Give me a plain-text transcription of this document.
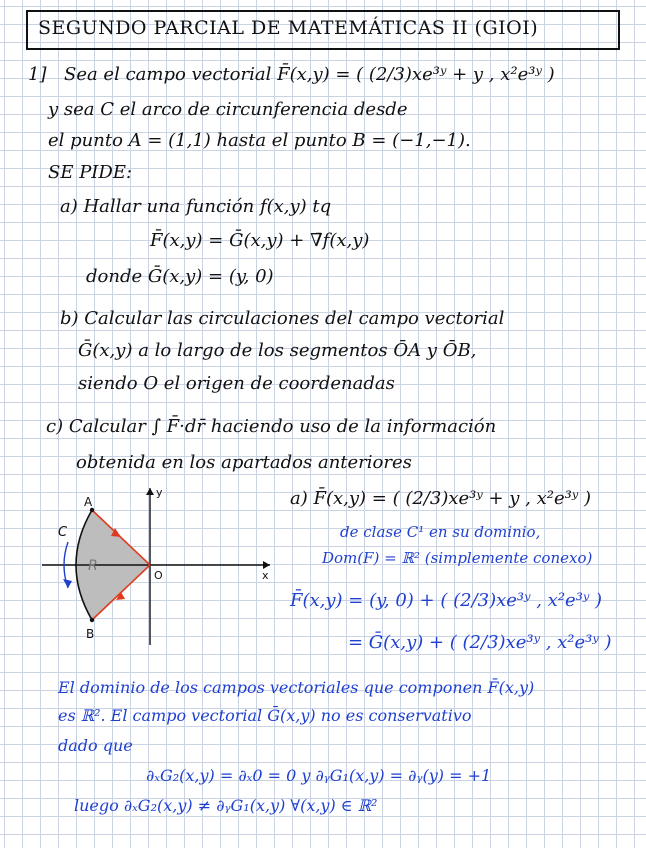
SEGUNDO PARCIAL DE MATEMÁTICAS II (GIOI)
1] Sea el campo vectorial F̄(x,y) = ( (2/3)xe³ʸ + y , x²e³ʸ )
y sea C el arco de circunferencia desde
el punto A = (1,1) hasta el punto B = (−1,−1).
SE PIDE:
a) Hallar una función f(x,y) tq
F̄(x,y) = Ḡ(x,y) + ∇̄f(x,y)
donde Ḡ(x,y) = (y, 0)
b) Calcular las circulaciones del campo vectorial
Ḡ(x,y) a lo largo de los segmentos ŌA y ŌB,
siendo O el origen de coordenadas
c) Calcular ∫ F̄·dr̄ haciendo uso de la información
obtenida en los apartados anteriores
A
B
C
R
O	x
y	a) F̄(x,y) = ( (2/3)xe³ʸ + y , x²e³ʸ )
de clase C¹ en su dominio,
Dom(F) = ℝ² (simplemente conexo)
F̄(x,y) = (y, 0) + ( (2/3)xe³ʸ , x²e³ʸ )
= Ḡ(x,y) + ( (2/3)xe³ʸ , x²e³ʸ )
El dominio de los campos vectoriales que componen F̄(x,y)
es ℝ². El campo vectorial Ḡ(x,y) no es conservativo
dado que
∂ₓG₂(x,y) = ∂ₓ0 = 0 y ∂ᵧG₁(x,y) = ∂ᵧ(y) = +1
luego ∂ₓG₂(x,y) ≠ ∂ᵧG₁(x,y) ∀(x,y) ∈ ℝ²
